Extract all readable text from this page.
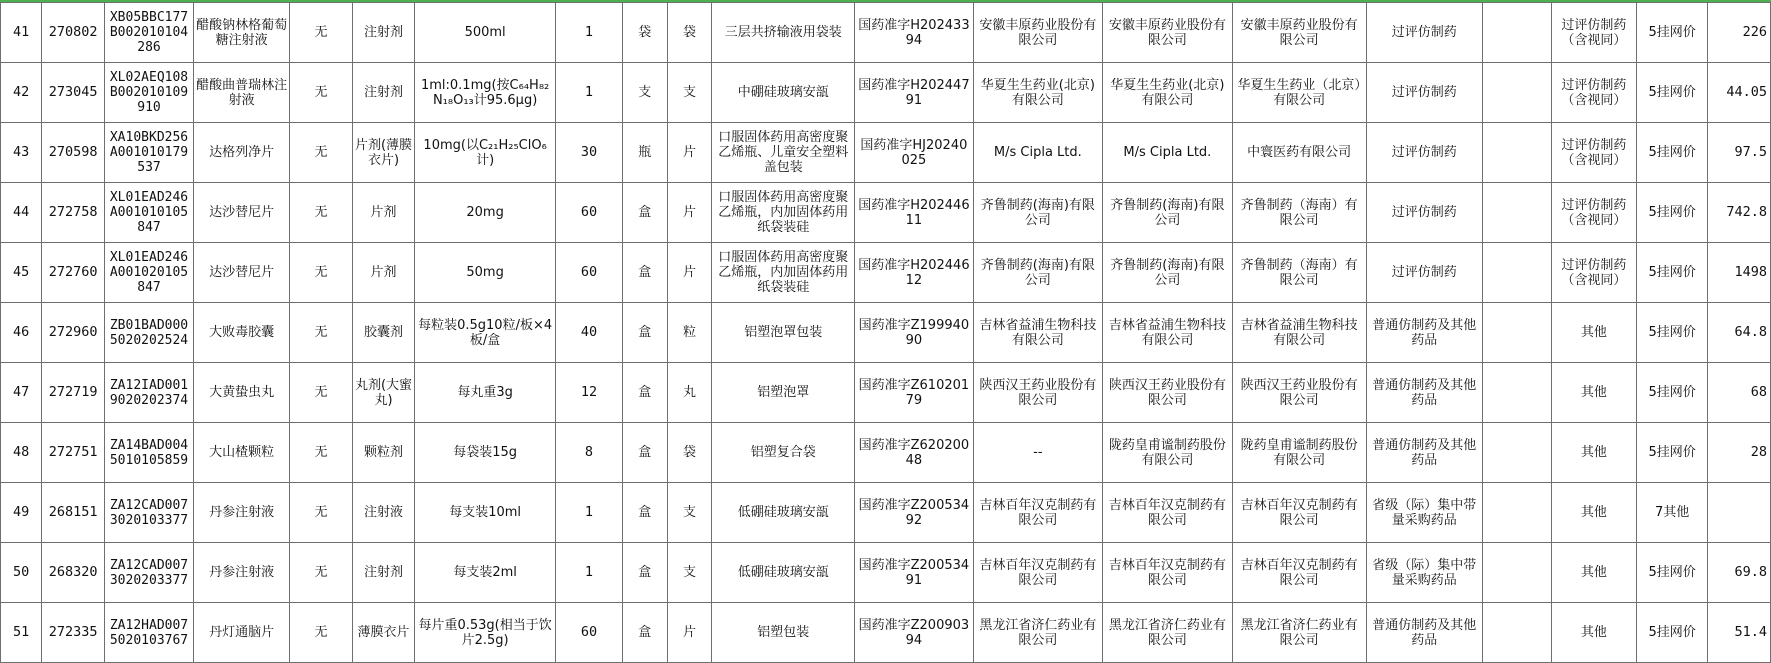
41	270802	XB05BBC177B002010104286	醋酸钠林格葡萄糖注射液	无	注射剂	500ml	1	袋	袋	三层共挤输液用袋装	国药准字H20243394	安徽丰原药业股份有限公司	安徽丰原药业股份有限公司	安徽丰原药业股份有限公司	过评仿制药		过评仿制药（含视同）	5挂网价	226
42	273045	XL02AEQ108B002010109910	醋酸曲普瑞林注射液	无	注射剂	1ml:0.1mg(按C₆₄H₈₂N₁₈O₁₃计95.6μg)	1	支	支	中硼硅玻璃安瓿	国药准字H20244791	华夏生生药业(北京)有限公司	华夏生生药业(北京)有限公司	华夏生生药业（北京）有限公司	过评仿制药		过评仿制药（含视同）	5挂网价	44.05
43	270598	XA10BKD256A001010179537	达格列净片	无	片剂(薄膜衣片)	10mg(以C₂₁H₂₅ClO₆计)	30	瓶	片	口服固体药用高密度聚乙烯瓶、儿童安全塑料盖包装	国药准字HJ20240025	M/s Cipla Ltd.	M/s Cipla Ltd.	中寰医药有限公司	过评仿制药		过评仿制药（含视同）	5挂网价	97.5
44	272758	XL01EAD246A001010105847	达沙替尼片	无	片剂	20mg	60	盒	片	口服固体药用高密度聚乙烯瓶，内加固体药用纸袋装硅	国药准字H20244611	齐鲁制药(海南)有限公司	齐鲁制药(海南)有限公司	齐鲁制药（海南）有限公司	过评仿制药		过评仿制药（含视同）	5挂网价	742.8
45	272760	XL01EAD246A001020105847	达沙替尼片	无	片剂	50mg	60	盒	片	口服固体药用高密度聚乙烯瓶，内加固体药用纸袋装硅	国药准字H20244612	齐鲁制药(海南)有限公司	齐鲁制药(海南)有限公司	齐鲁制药（海南）有限公司	过评仿制药		过评仿制药（含视同）	5挂网价	1498
46	272960	ZB01BAD0005020202524	大败毒胶囊	无	胶囊剂	每粒装0.5g10粒/板×4板/盒	40	盒	粒	铝塑泡罩包装	国药准字Z19994090	吉林省益浦生物科技有限公司	吉林省益浦生物科技有限公司	吉林省益浦生物科技有限公司	普通仿制药及其他药品		其他	5挂网价	64.8
47	272719	ZA12IAD0019020202374	大黄蛰虫丸	无	丸剂(大蜜丸)	每丸重3g	12	盒	丸	铝塑泡罩	国药准字Z61020179	陕西汉王药业股份有限公司	陕西汉王药业股份有限公司	陕西汉王药业股份有限公司	普通仿制药及其他药品		其他	5挂网价	68
48	272751	ZA14BAD0045010105859	大山楂颗粒	无	颗粒剂	每袋装15g	8	盒	袋	铝塑复合袋	国药准字Z62020048	--	陇药皇甫谧制药股份有限公司	陇药皇甫谧制药股份有限公司	普通仿制药及其他药品		其他	5挂网价	28
49	268151	ZA12CAD0073020103377	丹参注射液	无	注射液	每支装10ml	1	盒	支	低硼硅玻璃安瓿	国药准字Z20053492	吉林百年汉克制药有限公司	吉林百年汉克制药有限公司	吉林百年汉克制药有限公司	省级（际）集中带量采购药品		其他	7其他	
50	268320	ZA12CAD0073020203377	丹参注射液	无	注射剂	每支装2ml	1	盒	支	低硼硅玻璃安瓿	国药准字Z20053491	吉林百年汉克制药有限公司	吉林百年汉克制药有限公司	吉林百年汉克制药有限公司	省级（际）集中带量采购药品		其他	5挂网价	69.8
51	272335	ZA12HAD0075020103767	丹灯通脑片	无	薄膜衣片	每片重0.53g(相当于饮片2.5g)	60	盒	片	铝塑包装	国药准字Z20090394	黑龙江省济仁药业有限公司	黑龙江省济仁药业有限公司	黑龙江省济仁药业有限公司	普通仿制药及其他药品		其他	5挂网价	51.4
